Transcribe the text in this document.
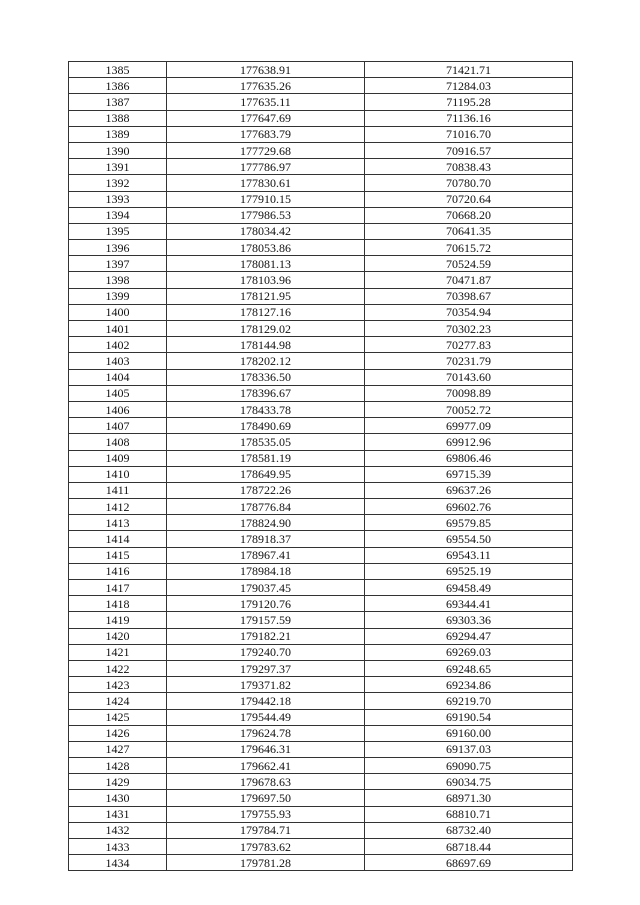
1385	177638.91	71421.71
1386	177635.26	71284.03
1387	177635.11	71195.28
1388	177647.69	71136.16
1389	177683.79	71016.70
1390	177729.68	70916.57
1391	177786.97	70838.43
1392	177830.61	70780.70
1393	177910.15	70720.64
1394	177986.53	70668.20
1395	178034.42	70641.35
1396	178053.86	70615.72
1397	178081.13	70524.59
1398	178103.96	70471.87
1399	178121.95	70398.67
1400	178127.16	70354.94
1401	178129.02	70302.23
1402	178144.98	70277.83
1403	178202.12	70231.79
1404	178336.50	70143.60
1405	178396.67	70098.89
1406	178433.78	70052.72
1407	178490.69	69977.09
1408	178535.05	69912.96
1409	178581.19	69806.46
1410	178649.95	69715.39
1411	178722.26	69637.26
1412	178776.84	69602.76
1413	178824.90	69579.85
1414	178918.37	69554.50
1415	178967.41	69543.11
1416	178984.18	69525.19
1417	179037.45	69458.49
1418	179120.76	69344.41
1419	179157.59	69303.36
1420	179182.21	69294.47
1421	179240.70	69269.03
1422	179297.37	69248.65
1423	179371.82	69234.86
1424	179442.18	69219.70
1425	179544.49	69190.54
1426	179624.78	69160.00
1427	179646.31	69137.03
1428	179662.41	69090.75
1429	179678.63	69034.75
1430	179697.50	68971.30
1431	179755.93	68810.71
1432	179784.71	68732.40
1433	179783.62	68718.44
1434	179781.28	68697.69
